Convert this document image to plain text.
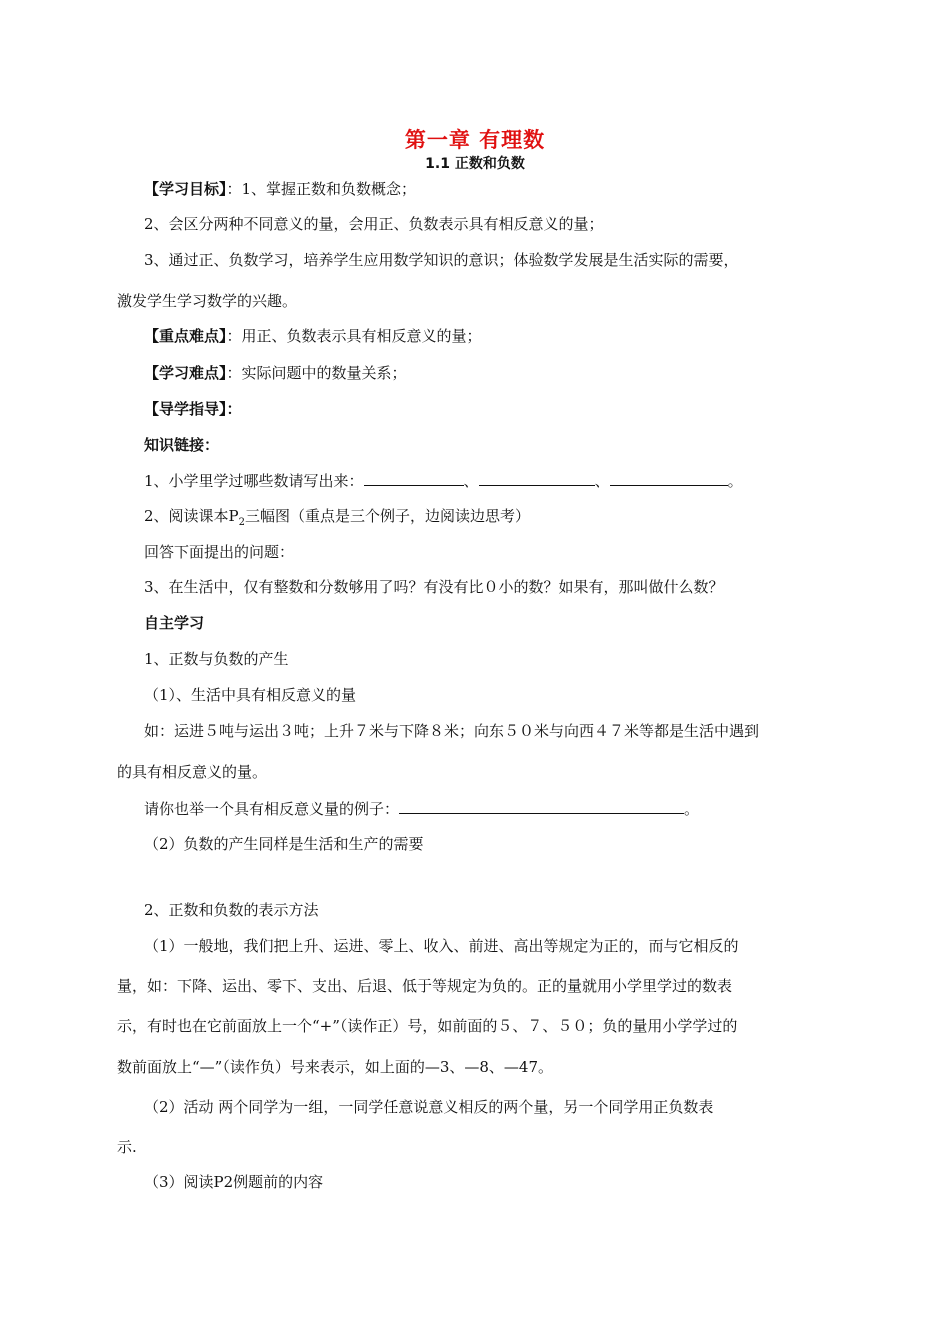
第一章 有理数
1.1 正数和负数
【学习目标】：1、掌握正数和负数概念；
2、会区分两种不同意义的量，会用正、负数表示具有相反意义的量；
3、通过正、负数学习，培养学生应用数学知识的意识；体验数学发展是生活实际的需要，
激发学生学习数学的兴趣。
【重点难点】：用正、负数表示具有相反意义的量；
【学习难点】：实际问题中的数量关系；
【导学指导】：
知识链接：
1、小学里学过哪些数请写出来：	、	、	。
2、阅读课本$P_2$三幅图（重点是三个例子，边阅读边思考）
回答下面提出的问题：
3、在生活中，仅有整数和分数够用了吗？有没有比０小的数？如果有，那叫做什么数？
自主学习
1、正数与负数的产生
（1）、生活中具有相反意义的量
如：运进５吨与运出３吨；上升７米与下降８米；向东５０米与向西４７米等都是生活中遇到
的具有相反意义的量。
请你也举一个具有相反意义量的例子：	。
（2）负数的产生同样是生活和生产的需要
2、正数和负数的表示方法
（1）一般地，我们把上升、运进、零上、收入、前进、高出等规定为正的，而与它相反的
量，如：下降、运出、零下、支出、后退、低于等规定为负的。正的量就用小学里学过的数表
示，有时也在它前面放上一个“+”（读作正）号，如前面的５、７、５０；负的量用小学学过的
数前面放上“—”（读作负）号来表示，如上面的—3、—8、—47。
（2）活动 两个同学为一组，一同学任意说意义相反的两个量，另一个同学用正负数表
示.
（3）阅读P2例题前的内容
